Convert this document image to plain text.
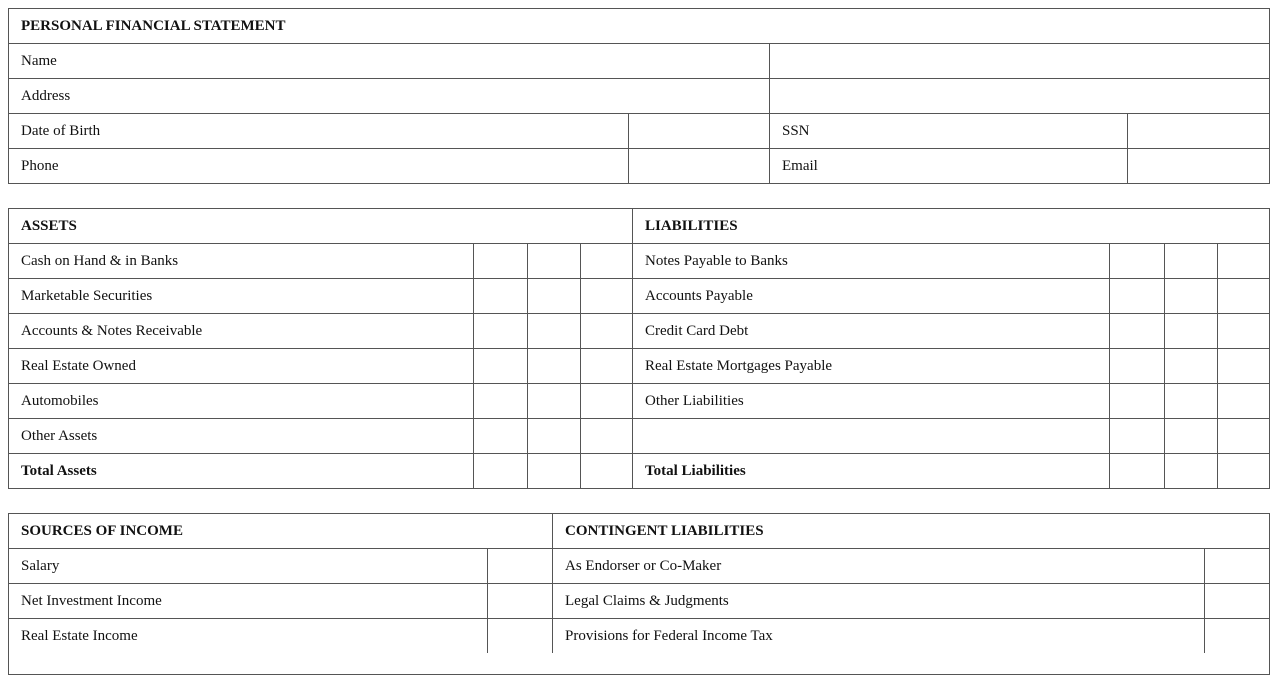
PERSONAL FINANCIAL STATEMENT
Name
Address
Date of Birth	SSN
Phone	Email
ASSETS	LIABILITIES
Cash on Hand & in Banks	Notes Payable to Banks
Marketable Securities	Accounts Payable
Accounts & Notes Receivable	Credit Card Debt
Real Estate Owned	Real Estate Mortgages Payable
Automobiles	Other Liabilities
Other Assets
Total Assets	Total Liabilities
SOURCES OF INCOME	CONTINGENT LIABILITIES
Salary	As Endorser or Co-Maker
Net Investment Income	Legal Claims & Judgments
Real Estate Income	Provisions for Federal Income Tax
